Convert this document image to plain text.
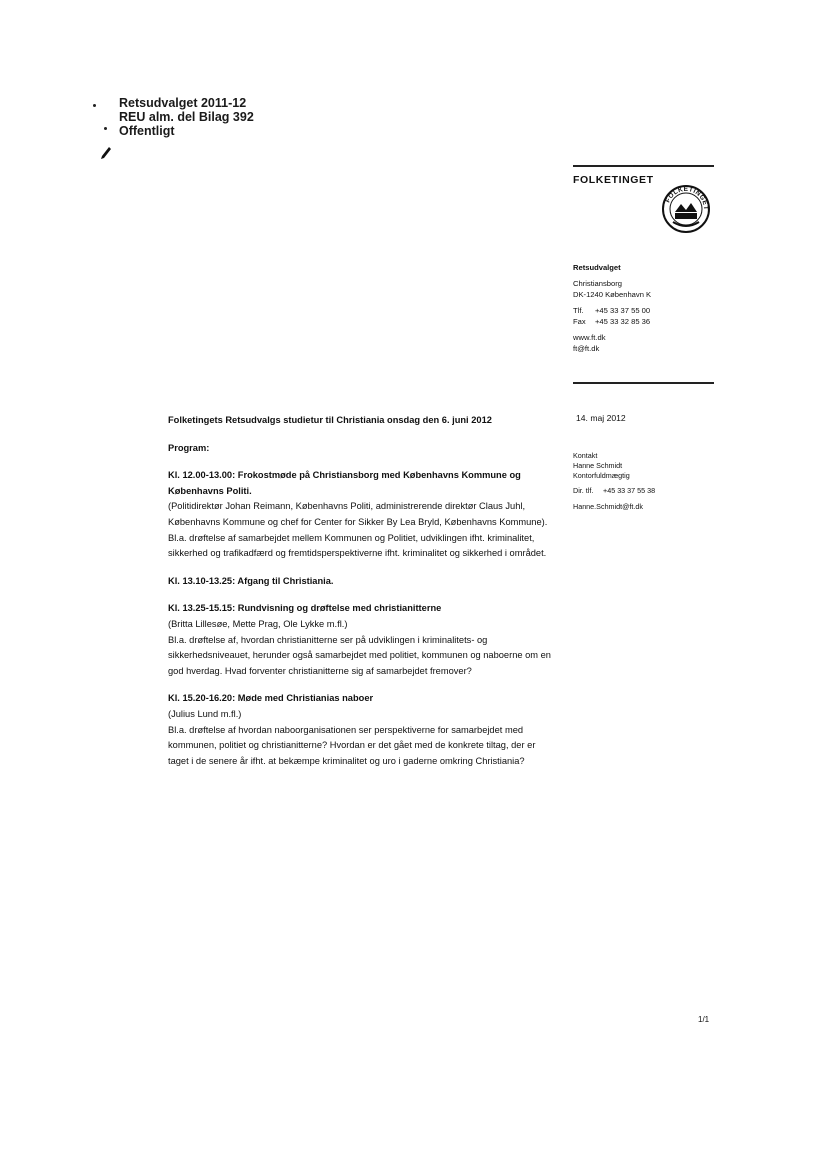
Retsudvalget 2011-12
REU alm. del Bilag 392
Offentligt
FOLKETINGET
FOLKETINGET
Retsudvalget
Christiansborg
DK-1240 København K
Tlf. +45 33 37 55 00
Fax +45 33 32 85 36
www.ft.dk
ft@ft.dk
14. maj 2012
Kontakt
Hanne Schmidt
Kontorfuldmægtig
Dir. tlf. +45 33 37 55 38
Hanne.Schmidt@ft.dk
Folketingets Retsudvalgs studietur til Christiania onsdag den 6. juni 2012
Program:
Kl. 12.00-13.00: Frokostmøde på Christiansborg med Københavns Kommune og Københavns Politi.

(Politidirektør Johan Reimann, Københavns Politi, administrerende direktør Claus Juhl, Københavns Kommune og chef for Center for Sikker By Lea Bryld, Københavns Kommune).

Bl.a. drøftelse af samarbejdet mellem Kommunen og Politiet, udviklingen ifht. kriminalitet, sikkerhed og trafikadfærd og fremtidsperspektiverne ifht. kriminalitet og sikkerhed i området.

Kl. 13.10-13.25: Afgang til Christiania.
Kl. 13.25-15.15: Rundvisning og drøftelse med christianitterne

(Britta Lillesøe, Mette Prag, Ole Lykke m.fl.)

Bl.a. drøftelse af, hvordan christianitterne ser på udviklingen i kriminalitets- og sikkerhedsniveauet, herunder også samarbejdet med politiet, kommunen og naboerne om en god hverdag. Hvad forventer christianitterne sig af samarbejdet fremover?

Kl. 15.20-16.20: Møde med Christianias naboer

(Julius Lund m.fl.)

Bl.a. drøftelse af hvordan naboorganisationen ser perspektiverne for samarbejdet med kommunen, politiet og christianitterne? Hvordan er det gået med de konkrete tiltag, der er taget i de senere år ifht. at bekæmpe kriminalitet og uro i gaderne omkring Christiania?

1/1
